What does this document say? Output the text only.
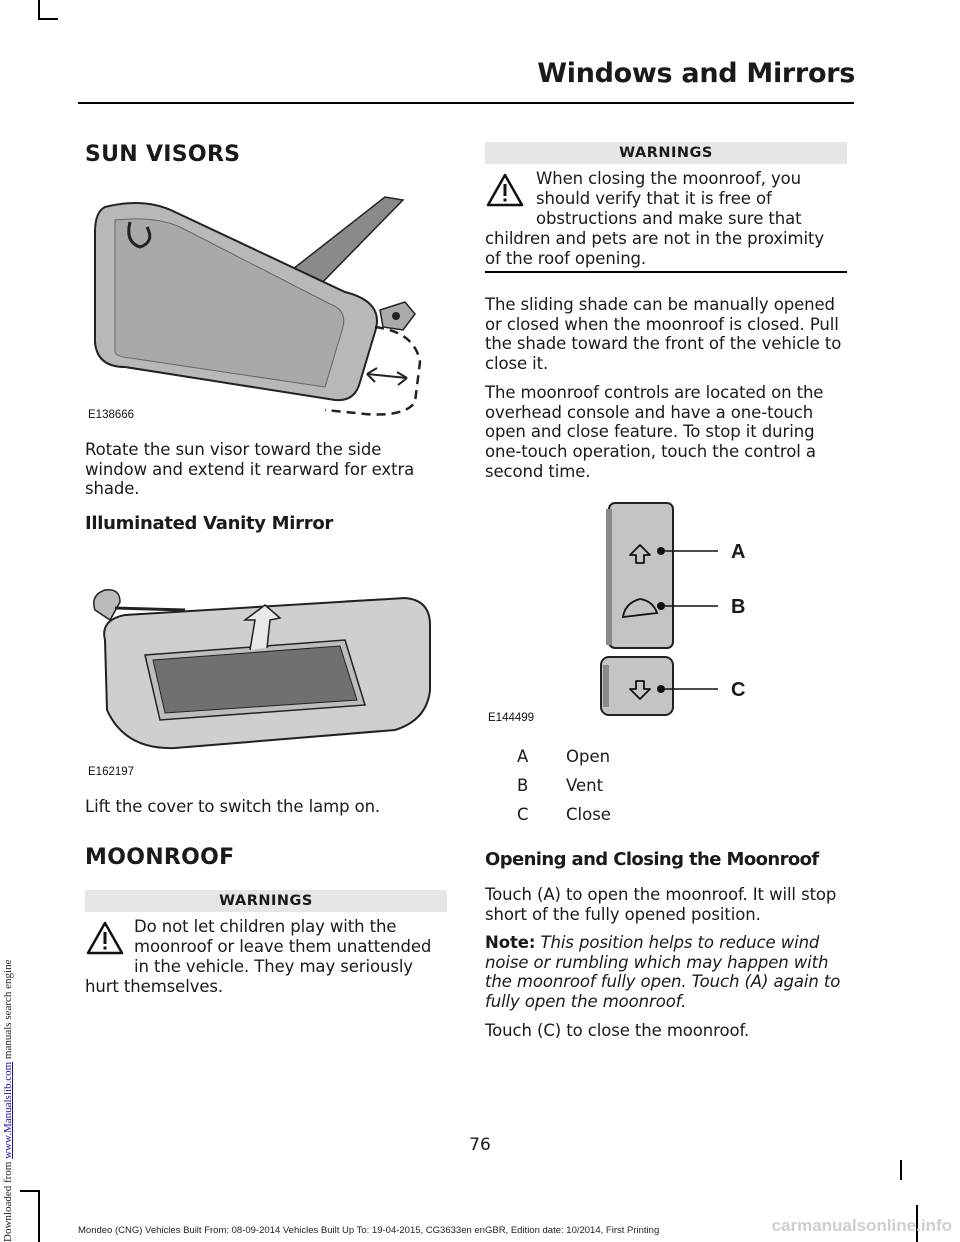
Windows and Mirrors
SUN VISORS
E138666

Rotate the sun visor toward the side window and extend it rearward for extra shade.

Illuminated Vanity Mirror
E162197

Lift the cover to switch the lamp on.

MOONROOF
WARNINGS

Do not let children play with the

moonroof or leave them unattended

in the vehicle. They may seriously

hurt themselves.

WARNINGS

When closing the moonroof, you

should verify that it is free of

obstructions and make sure that

children and pets are not in the proximity

of the roof opening.

The sliding shade can be manually opened or closed when the moonroof is closed. Pull the shade toward the front of the vehicle to close it.

The moonroof controls are located on the overhead console and have a one-touch open and close feature. To stop it during one-touch operation, touch the control a second time.

A
B
C
E144499
A Open
B Vent
C Close
Opening and Closing the Moonroof

Touch (A) to open the moonroof. It will stop short of the fully opened position.

Note: This position helps to reduce wind noise or rumbling which may happen with the moonroof fully open. Touch (A) again to fully open the moonroof.

Touch (C) to close the moonroof.

76
Mondeo (CNG) Vehicles Built From: 08-09-2014 Vehicles Built Up To: 19-04-2015, CG3633en enGBR, Edition date: 10/2014, First Printing
Downloaded from www.Manualslib.com manuals search engine
carmanualsonline.info
